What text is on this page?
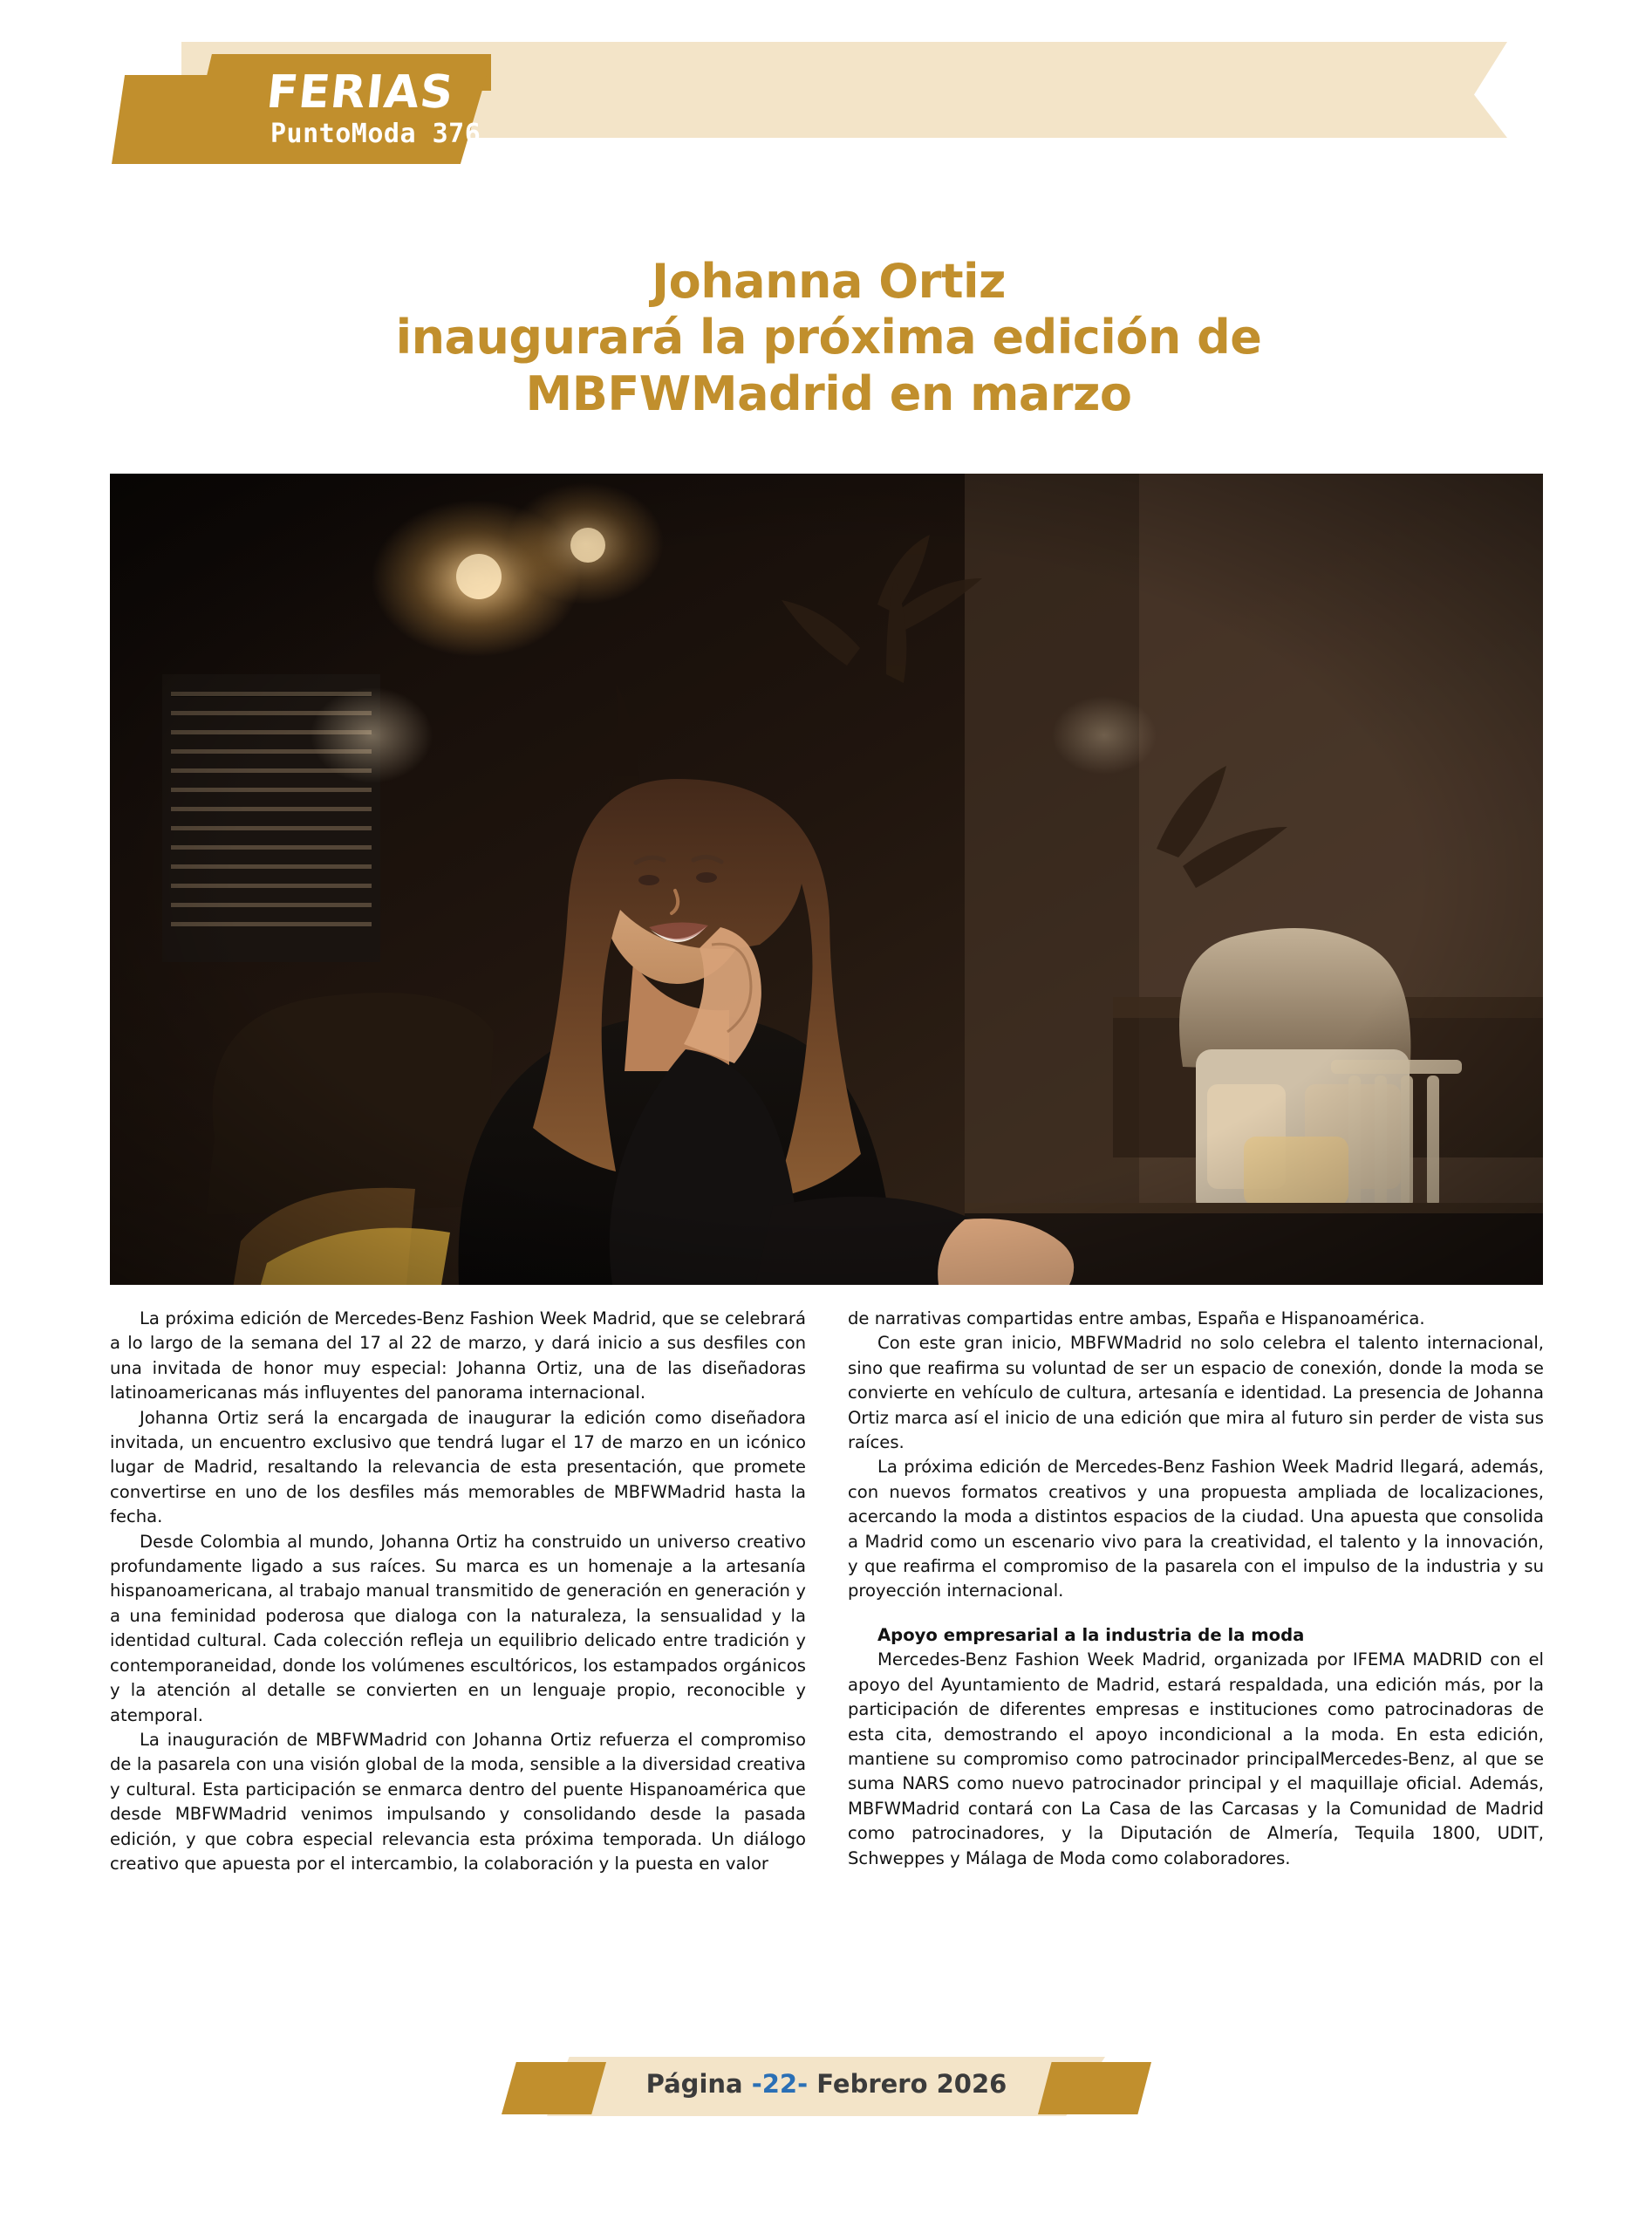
FERIAS
PuntoModa 376
Johanna Ortiz
inaugurará la próxima edición de
MBFWMadrid en marzo

La próxima edición de Mercedes-Benz Fashion Week Madrid, que se celebrará a lo largo de la semana del 17 al 22 de marzo, y dará inicio a sus desfiles con una invitada de honor muy especial: Johanna Ortiz, una de las diseñadoras latinoamericanas más influyentes del panorama internacional.

Johanna Ortiz será la encargada de inaugurar la edición como diseñadora invitada, un encuentro exclusivo que tendrá lugar el 17 de marzo en un icónico lugar de Madrid, resaltando la relevancia de esta presentación, que promete convertirse en uno de los desfiles más memorables de MBFWMadrid hasta la fecha.

Desde Colombia al mundo, Johanna Ortiz ha construido un universo creativo profundamente ligado a sus raíces. Su marca es un homenaje a la artesanía hispanoamericana, al trabajo manual transmitido de generación en generación y a una feminidad poderosa que dialoga con la naturaleza, la sensualidad y la identidad cultural. Cada colección refleja un equilibrio delicado entre tradición y contemporaneidad, donde los volúmenes escultóricos, los estampados orgánicos y la atención al detalle se convierten en un lenguaje propio, reconocible y atemporal.

La inauguración de MBFWMadrid con Johanna Ortiz refuerza el compromiso de la pasarela con una visión global de la moda, sensible a la diversidad creativa y cultural. Esta participación se enmarca dentro del puente Hispanoamérica que desde MBFWMadrid venimos impulsando y consolidando desde la pasada edición, y que cobra especial relevancia esta próxima temporada. Un diálogo creativo que apuesta por el intercambio, la colaboración y la puesta en valor

de narrativas compartidas entre ambas, España e Hispanoamérica.

Con este gran inicio, MBFWMadrid no solo celebra el talento internacional, sino que reafirma su voluntad de ser un espacio de conexión, donde la moda se convierte en vehículo de cultura, artesanía e identidad. La presencia de Johanna Ortiz marca así el inicio de una edición que mira al futuro sin perder de vista sus raíces.

La próxima edición de Mercedes-Benz Fashion Week Madrid llegará, además, con nuevos formatos creativos y una propuesta ampliada de localizaciones, acercando la moda a distintos espacios de la ciudad. Una apuesta que consolida a Madrid como un escenario vivo para la creatividad, el talento y la innovación, y que reafirma el compromiso de la pasarela con el impulso de la industria y su proyección internacional.

Apoyo empresarial a la industria de la moda

Mercedes-Benz Fashion Week Madrid, organizada por IFEMA MADRID con el apoyo del Ayuntamiento de Madrid, estará respaldada, una edición más, por la participación de diferentes empresas e instituciones como patrocinadoras de esta cita, demostrando el apoyo incondicional a la moda. En esta edición, mantiene su compromiso como patrocinador principalMercedes-Benz, al que se suma NARS como nuevo patrocinador principal y el maquillaje oficial. Además, MBFWMadrid contará con La Casa de las Carcasas y la Comunidad de Madrid como patrocinadores, y la Diputación de Almería, Tequila 1800, UDIT, Schweppes y Málaga de Moda como colaboradores.

Página -22- Febrero 2026
